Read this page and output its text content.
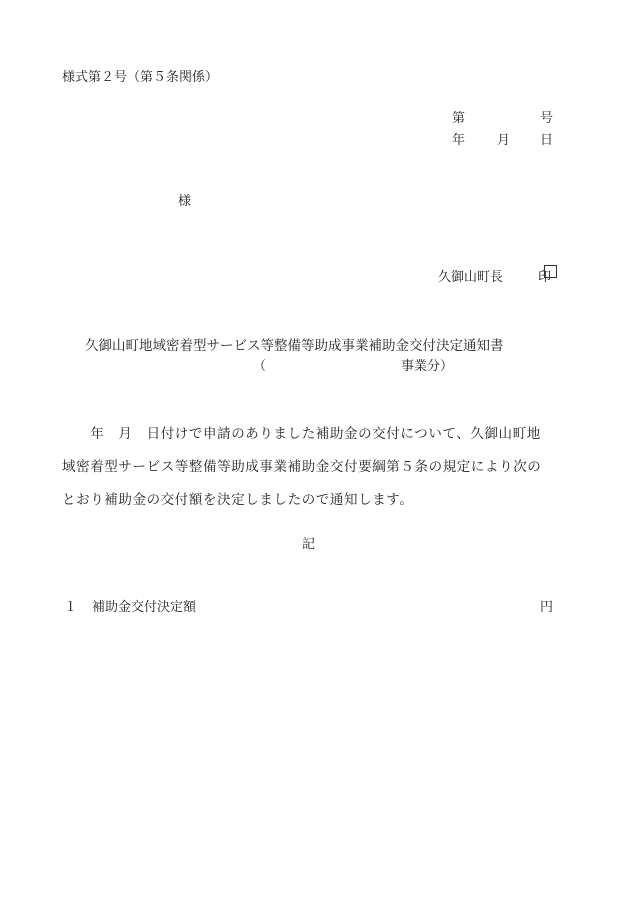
様式第２号（第５条関係）
第	号
年 月 日
様
久御山町長	印
久御山町地域密着型サービス等整備等助成事業補助金交付決定通知書
（	事業分）
　　年　月　日付けで申請のありました補助金の交付について、久御山町地
域密着型サービス等整備等助成事業補助金交付要綱第５条の規定により次の
とおり補助金の交付額を決定しましたので通知します。
記
１ 補助金交付決定額	円
